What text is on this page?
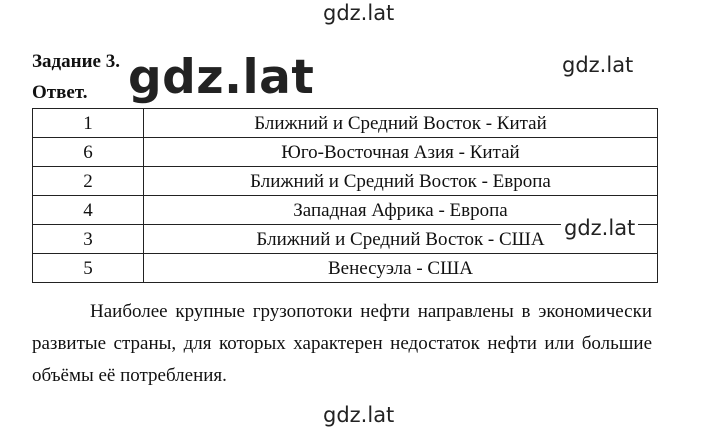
gdz.lat
Задание 3.
Ответ. gdz.lat	gdz.lat
1	Ближний и Средний Восток - Китай
6	Юго-Восточная Азия - Китай
2	Ближний и Средний Восток - Европа
4	Западная Африка - Европа
3	Ближний и Средний Восток - США
5	Венесуэла - США
gdz.lat

Наиболее крупные грузопотоки нефти направлены в экономически развитые страны, для которых характерен недостаток нефти или большие объёмы её потребления.

gdz.lat
